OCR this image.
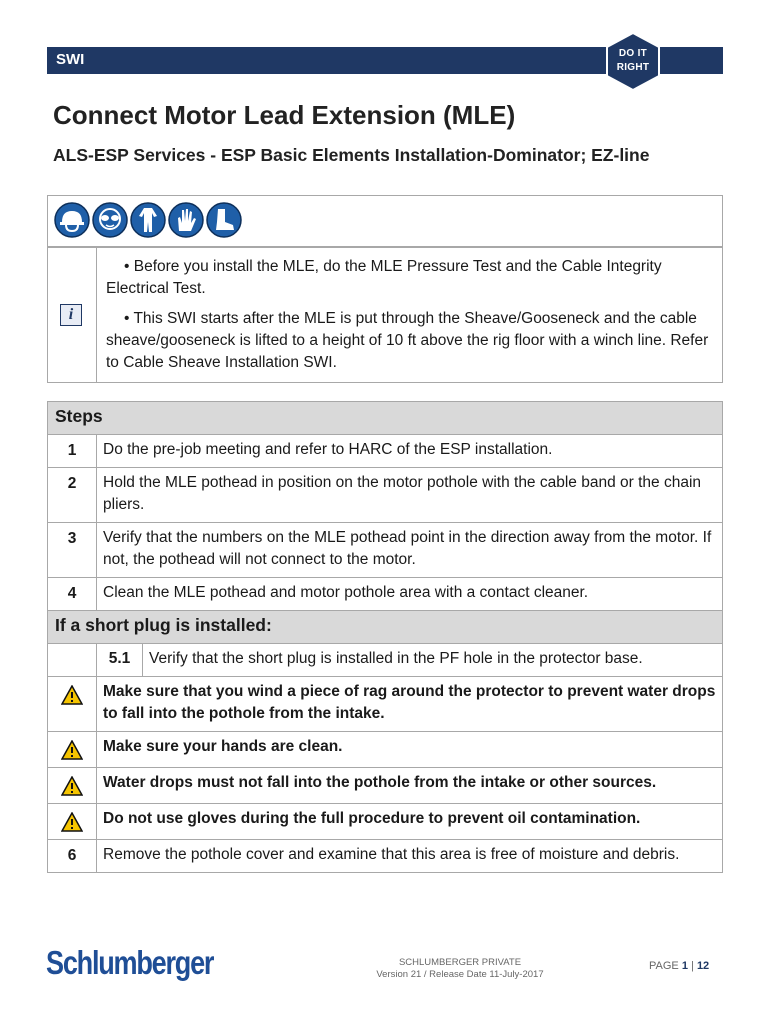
SWI	DO IT
RIGHT
Connect Motor Lead Extension (MLE)
ALS-ESP Services - ESP Basic Elements Installation-Dominator; EZ-line
i

• Before you install the MLE, do the MLE Pressure Test and the Cable Integrity Electrical Test.

• This SWI starts after the MLE is put through the Sheave/Gooseneck and the cable sheave/gooseneck is lifted to a height of 10 ft above the rig floor with a winch line. Refer to Cable Sheave Installation SWI.

Steps		
1	Do the pre-job meeting and refer to HARC of the ESP installation.	
2	Hold the MLE pothead in position on the motor pothole with the cable band or the chain pliers.	
3	Verify that the numbers on the MLE pothead point in the direction away from the motor. If not, the pothead will not connect to the motor.	
4	Clean the MLE pothead and motor pothole area with a contact cleaner.	
If a short plug is installed:		
	5.1	Verify that the short plug is installed in the PF hole in the protector base.
	Make sure that you wind a piece of rag around the protector to prevent water drops to fall into the pothole from the intake.	
	Make sure your hands are clean.	
	Water drops must not fall into the pothole from the intake or other sources.	
	Do not use gloves during the full procedure to prevent oil contamination.	
6	Remove the pothole cover and examine that this area is free of moisture and debris.	
Schlumberger	SCHLUMBERGER PRIVATE
Version 21 / Release Date 11-July-2017
PAGE 1 | 12
